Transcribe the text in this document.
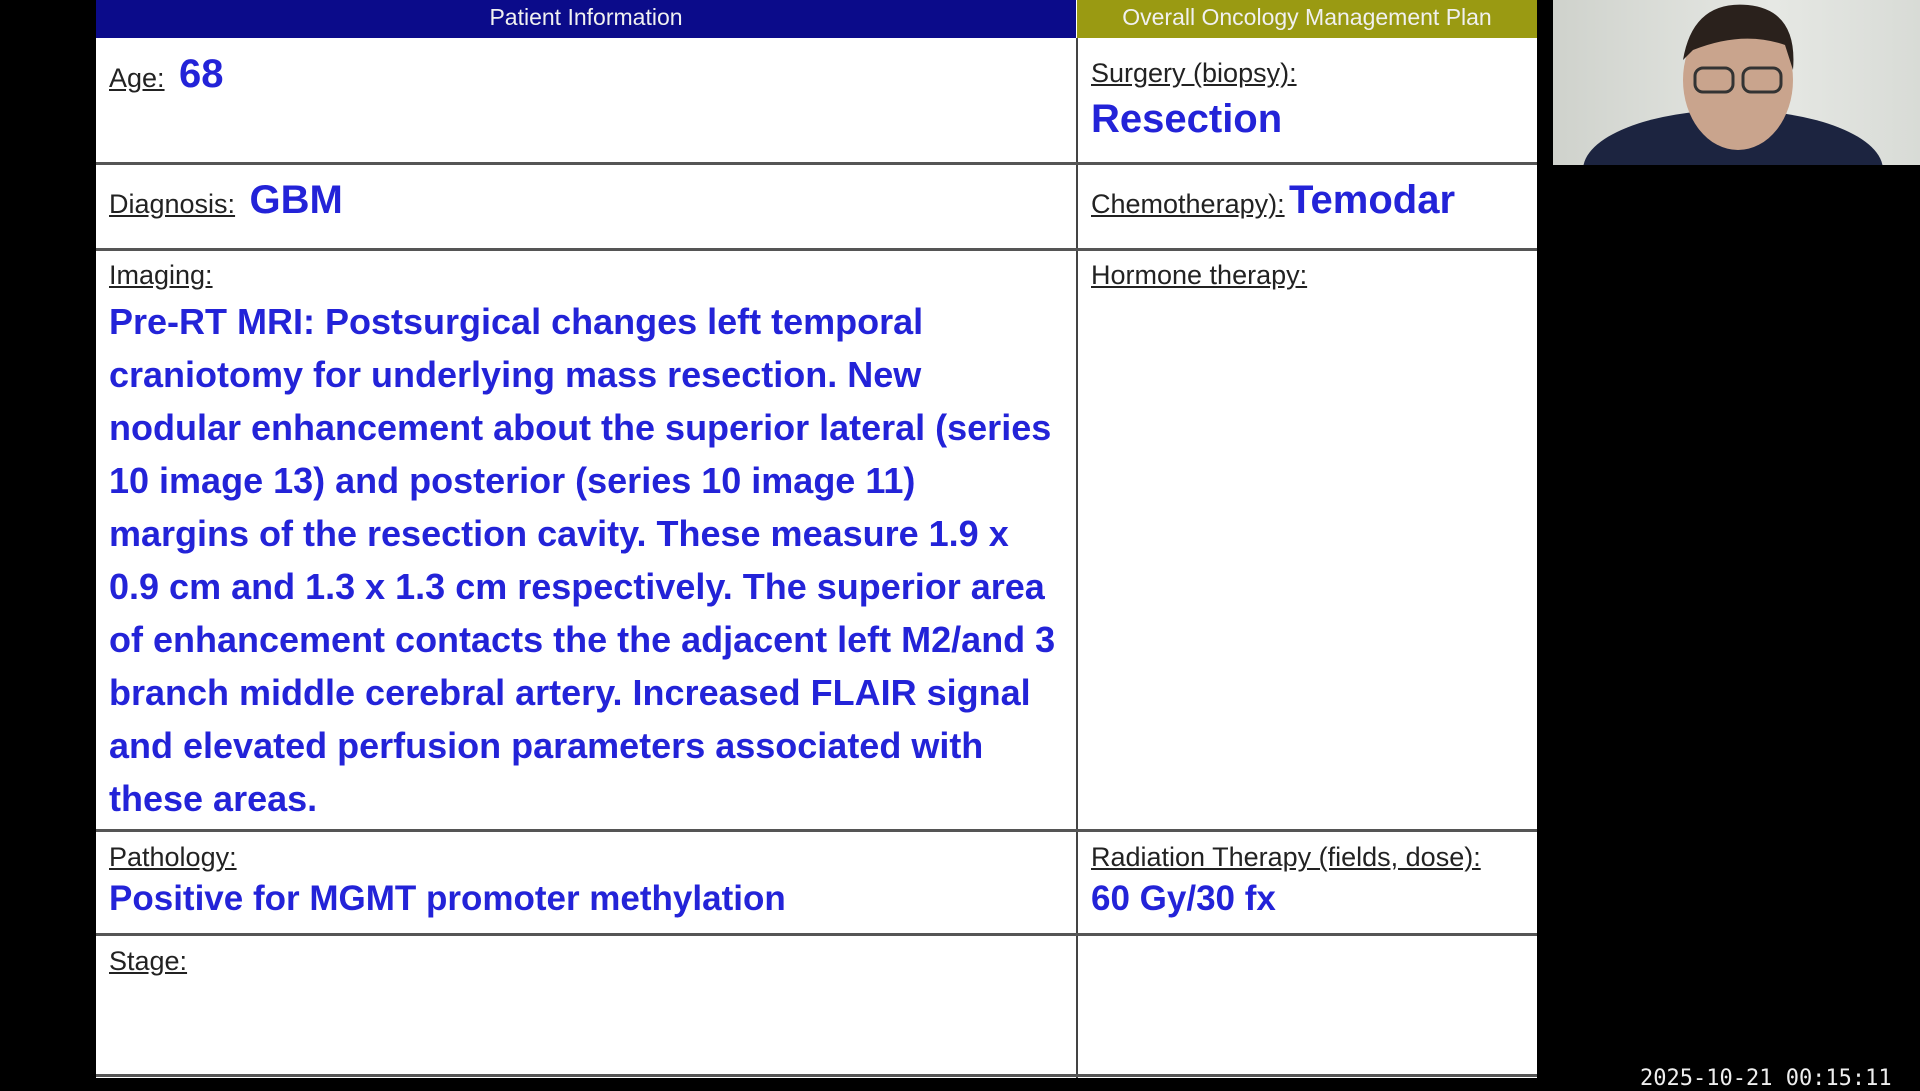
Patient Information	Overall Oncology Management Plan
Age: 68
Diagnosis: GBM
Imaging:
Pre-RT MRI: Postsurgical changes left temporal craniotomy for underlying mass resection. New nodular enhancement about the superior lateral (series 10 image 13) and posterior (series 10 image 11) margins of the resection cavity. These measure 1.9 x 0.9 cm and 1.3 x 1.3 cm respectively. The superior area of enhancement contacts the the adjacent left M2/and 3 branch middle cerebral artery. Increased FLAIR signal and elevated perfusion parameters associated with these areas.
Pathology:
Positive for MGMT promoter methylation
Stage:
Surgery (biopsy):
Resection
Chemotherapy): Temodar
Hormone therapy:
Radiation Therapy (fields, dose):
60 Gy/30 fx
2025-10-21 00:15:11
